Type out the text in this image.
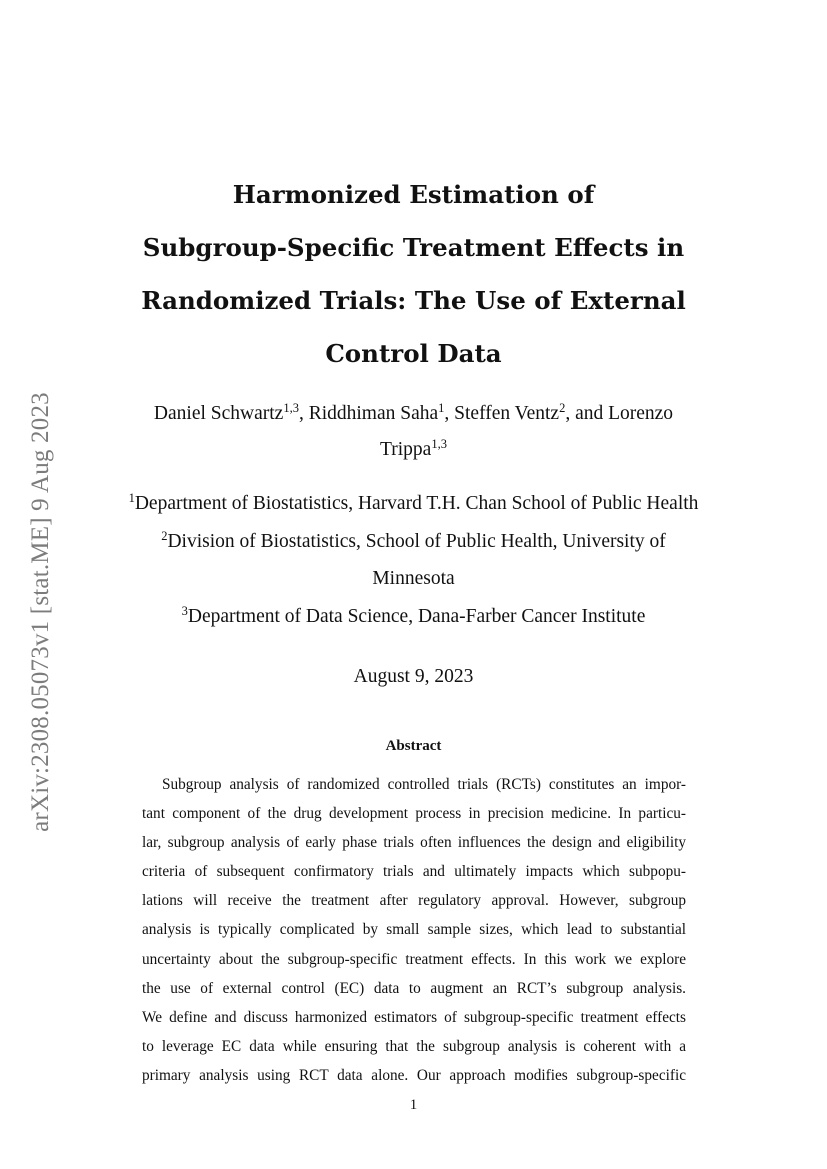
arXiv:2308.05073v1 [stat.ME] 9 Aug 2023
Harmonized Estimation of
Subgroup-Specific Treatment Effects in
Randomized Trials: The Use of External
Control Data
Daniel Schwartz$^{1,3}$, Riddhiman Saha$^1$, Steffen Ventz$^2$, and Lorenzo
Trippa$^{1,3}$
$^1$Department of Biostatistics, Harvard T.H. Chan School of Public Health
$^2$Division of Biostatistics, School of Public Health, University of
Minnesota
$^3$Department of Data Science, Dana-Farber Cancer Institute
August 9, 2023
Abstract
Subgroup analysis of randomized controlled trials (RCTs) constitutes an impor-
tant component of the drug development process in precision medicine. In particu-
lar, subgroup analysis of early phase trials often influences the design and eligibility
criteria of subsequent confirmatory trials and ultimately impacts which subpopu-
lations will receive the treatment after regulatory approval. However, subgroup
analysis is typically complicated by small sample sizes, which lead to substantial
uncertainty about the subgroup-specific treatment effects. In this work we explore
the use of external control (EC) data to augment an RCT’s subgroup analysis.
We define and discuss harmonized estimators of subgroup-specific treatment effects
to leverage EC data while ensuring that the subgroup analysis is coherent with a
primary analysis using RCT data alone. Our approach modifies subgroup-specific
1
